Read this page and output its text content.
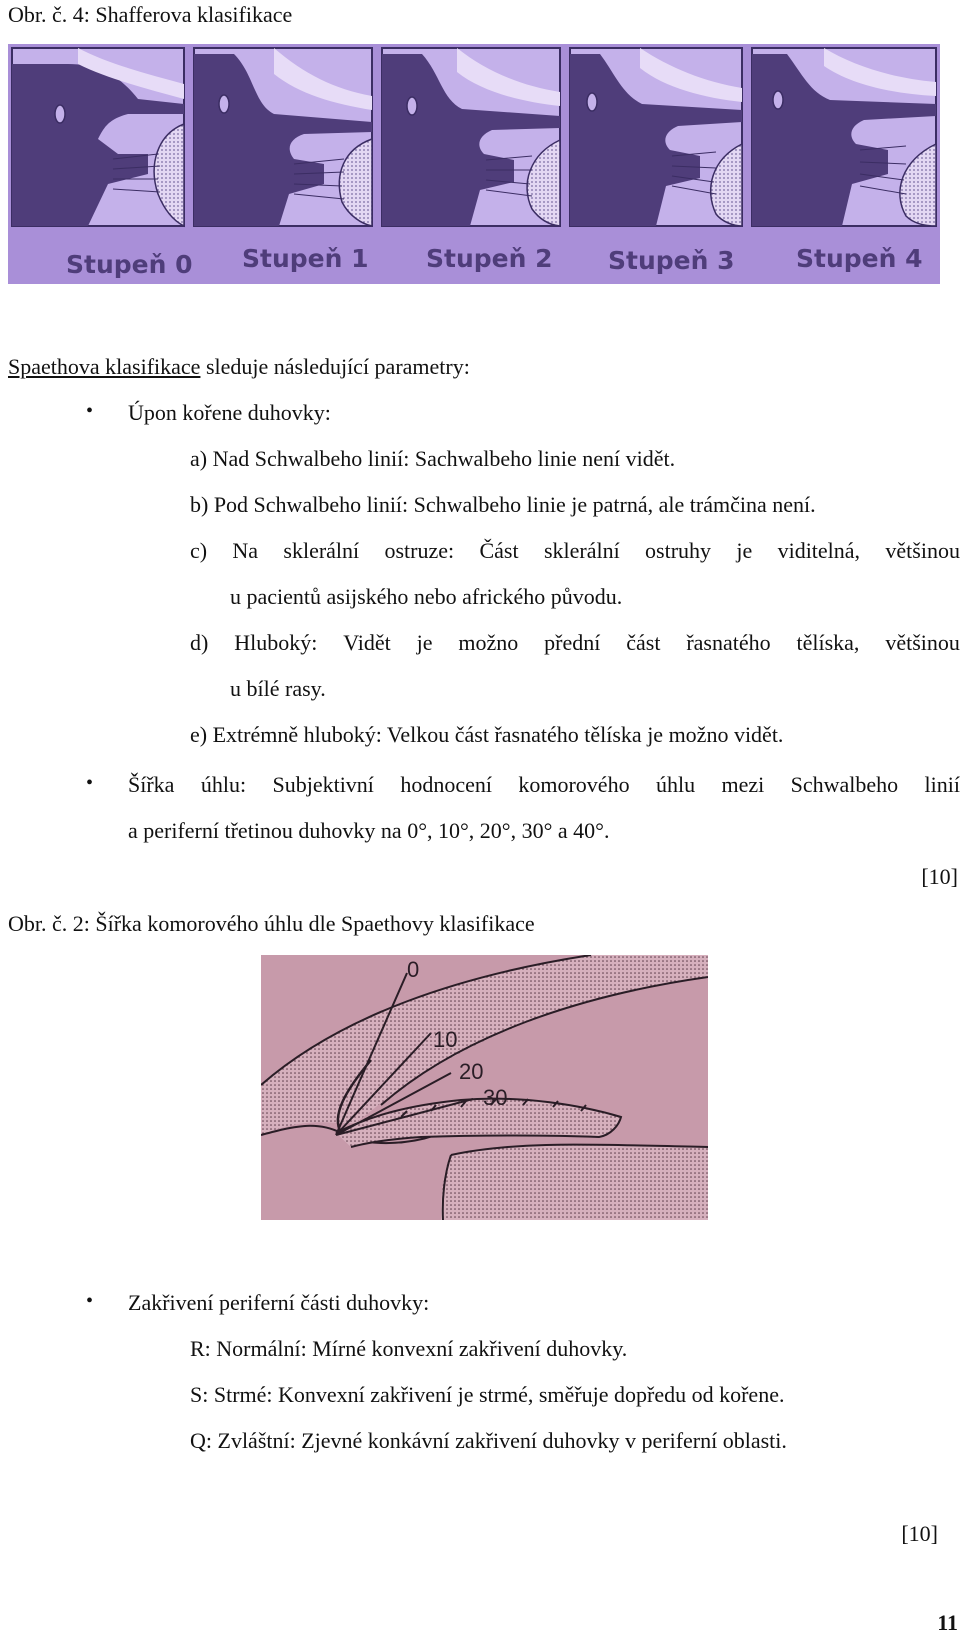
Obr. č. 4: Shafferova klasifikace
Stupeň 0 Stupeň 1 Stupeň 2 Stupeň 3 Stupeň 4
Spaethova klasifikace sleduje následující parametry:
• Úpon kořene duhovky:
a) Nad Schwalbeho linií: Sachwalbeho linie není vidět.
b) Pod Schwalbeho linií: Schwalbeho linie je patrná, ale trámčina není.
c) Na sklerální ostruze: Část sklerální ostruhy je viditelná, většinou
u pacientů asijského nebo afrického původu.
d) Hluboký: Vidět je možno přední část řasnatého tělíska, většinou
u bílé rasy.
e) Extrémně hluboký: Velkou část řasnatého tělíska je možno vidět.
• Šířka úhlu: Subjektivní hodnocení komorového úhlu mezi Schwalbeho linií
a periferní třetinou duhovky na 0°, 10°, 20°, 30° a 40°.
[10]
Obr. č. 2: Šířka komorového úhlu dle Spaethovy klasifikace
0
10
20
30
• Zakřivení periferní části duhovky:
R: Normální: Mírné konvexní zakřivení duhovky.
S: Strmé: Konvexní zakřivení je strmé, směřuje dopředu od kořene.
Q: Zvláštní: Zjevné konkávní zakřivení duhovky v periferní oblasti.
[10]
11
